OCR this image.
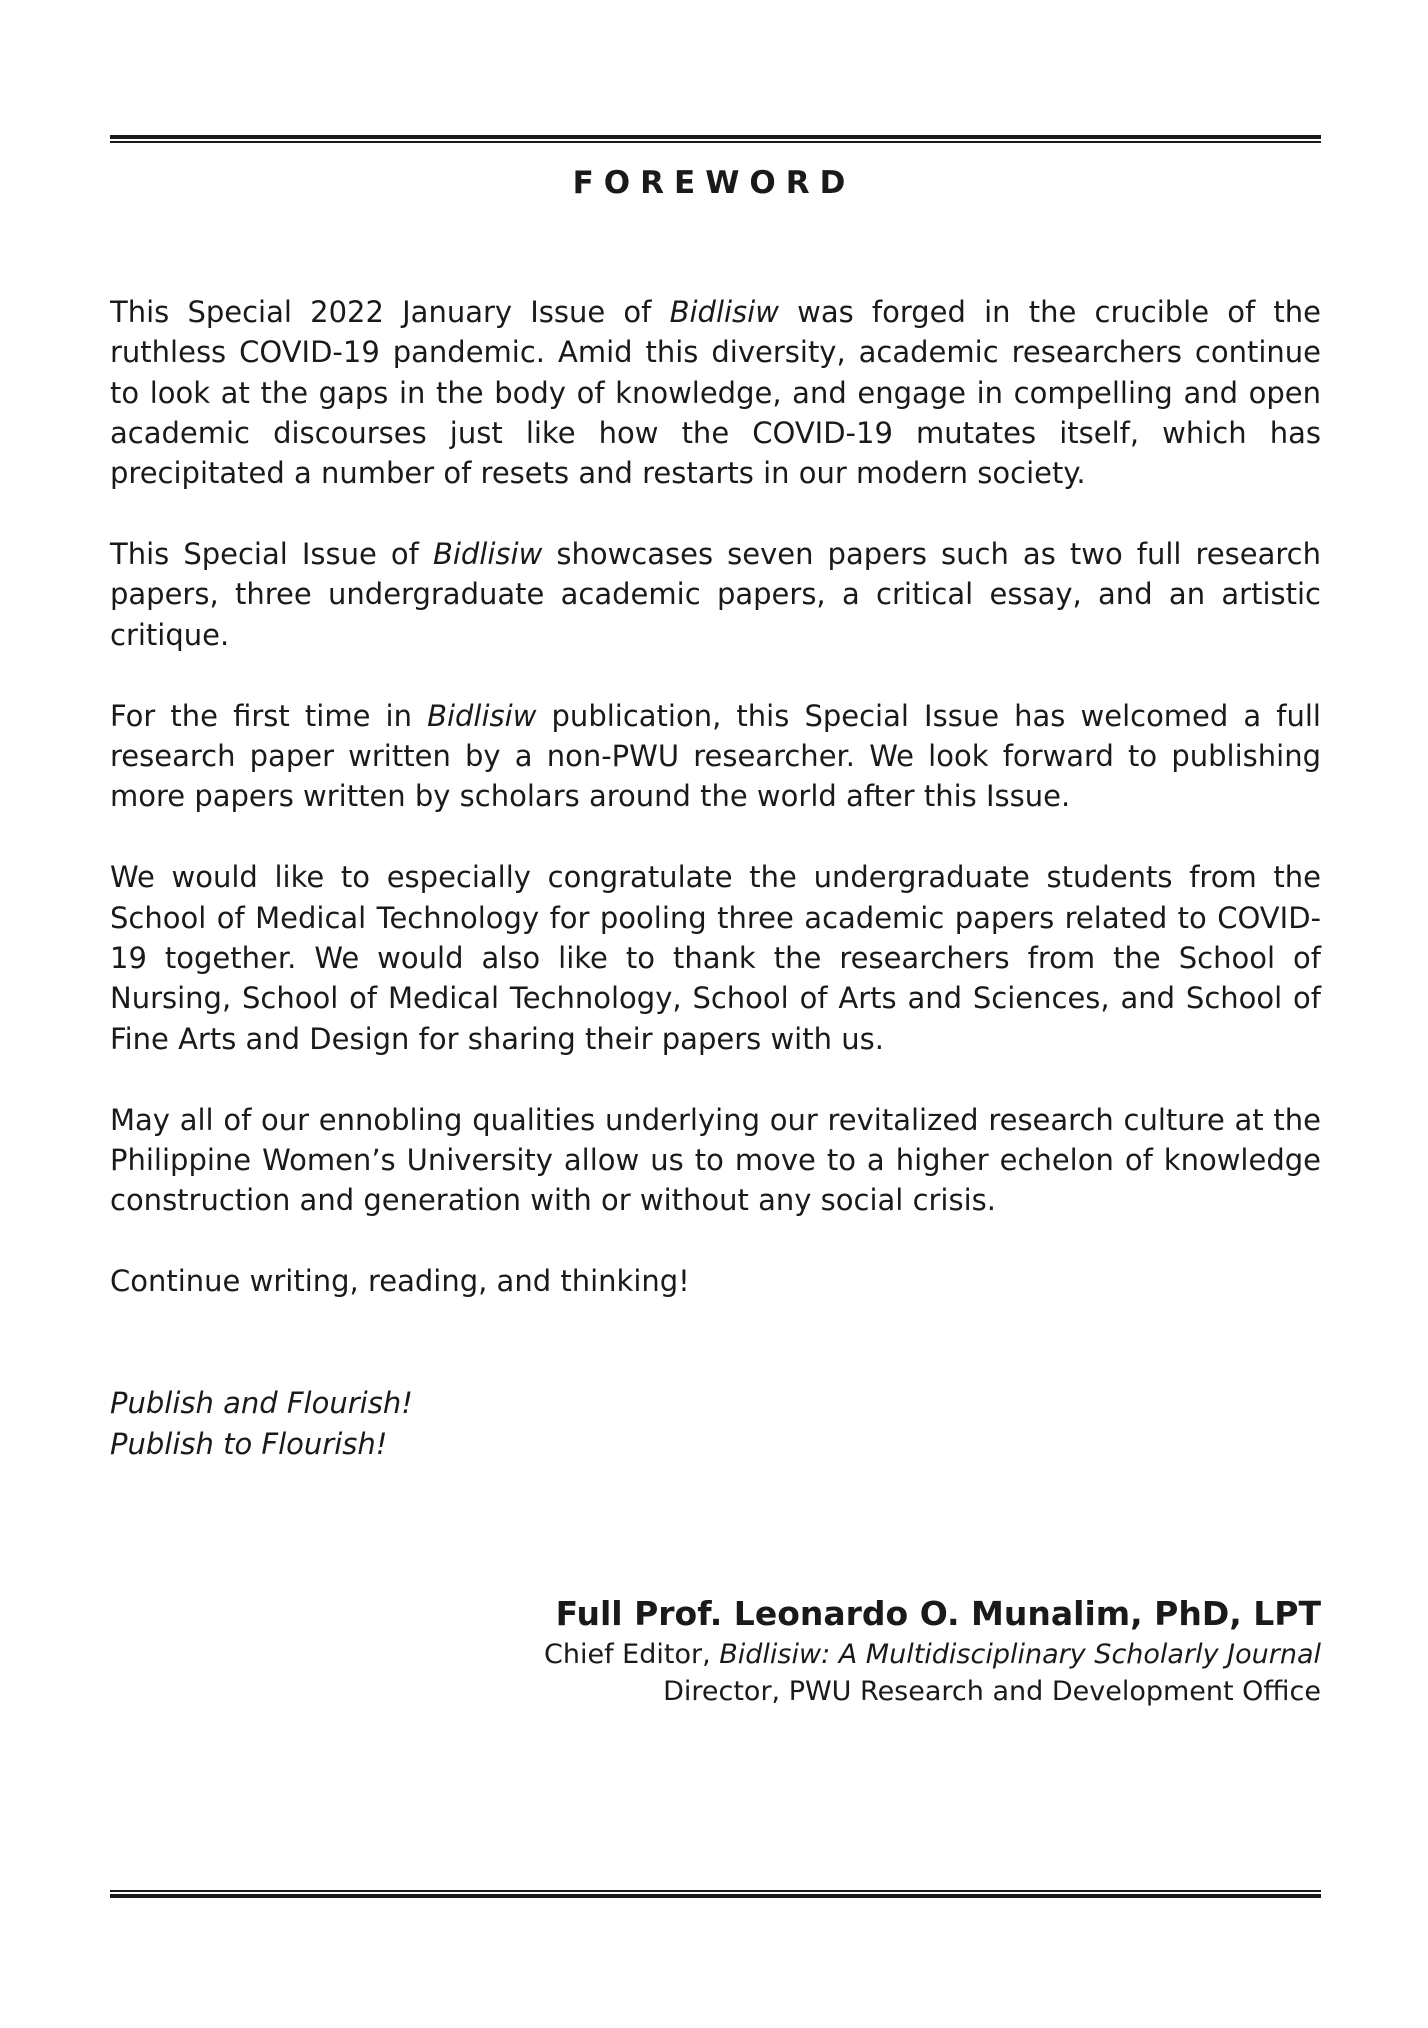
FOREWORD

This Special 2022 January Issue of Bidlisiw was forged in the crucible of the ruthless COVID-19 pandemic. Amid this diversity, academic researchers continue to look at the gaps in the body of knowledge, and engage in compelling and open academic discourses just like how the COVID-19 mutates itself, which has precipitated a number of resets and restarts in our modern society.

This Special Issue of Bidlisiw showcases seven papers such as two full research papers, three undergraduate academic papers, a critical essay, and an artistic critique.

For the first time in Bidlisiw publication, this Special Issue has welcomed a full research paper written by a non-PWU researcher. We look forward to publishing more papers written by scholars around the world after this Issue.

We would like to especially congratulate the undergraduate students from the School of Medical Technology for pooling three academic papers related to COVID-19 together. We would also like to thank the researchers from the School of Nursing, School of Medical Technology, School of Arts and Sciences, and School of Fine Arts and Design for sharing their papers with us.

May all of our ennobling qualities underlying our revitalized research culture at the Philippine Women’s University allow us to move to a higher echelon of knowledge construction and generation with or without any social crisis.

Continue writing, reading, and thinking!

Publish and Flourish!
Publish to Flourish!
Full Prof. Leonardo O. Munalim, PhD, LPT
Chief Editor, Bidlisiw: A Multidisciplinary Scholarly Journal
Director, PWU Research and Development Office
